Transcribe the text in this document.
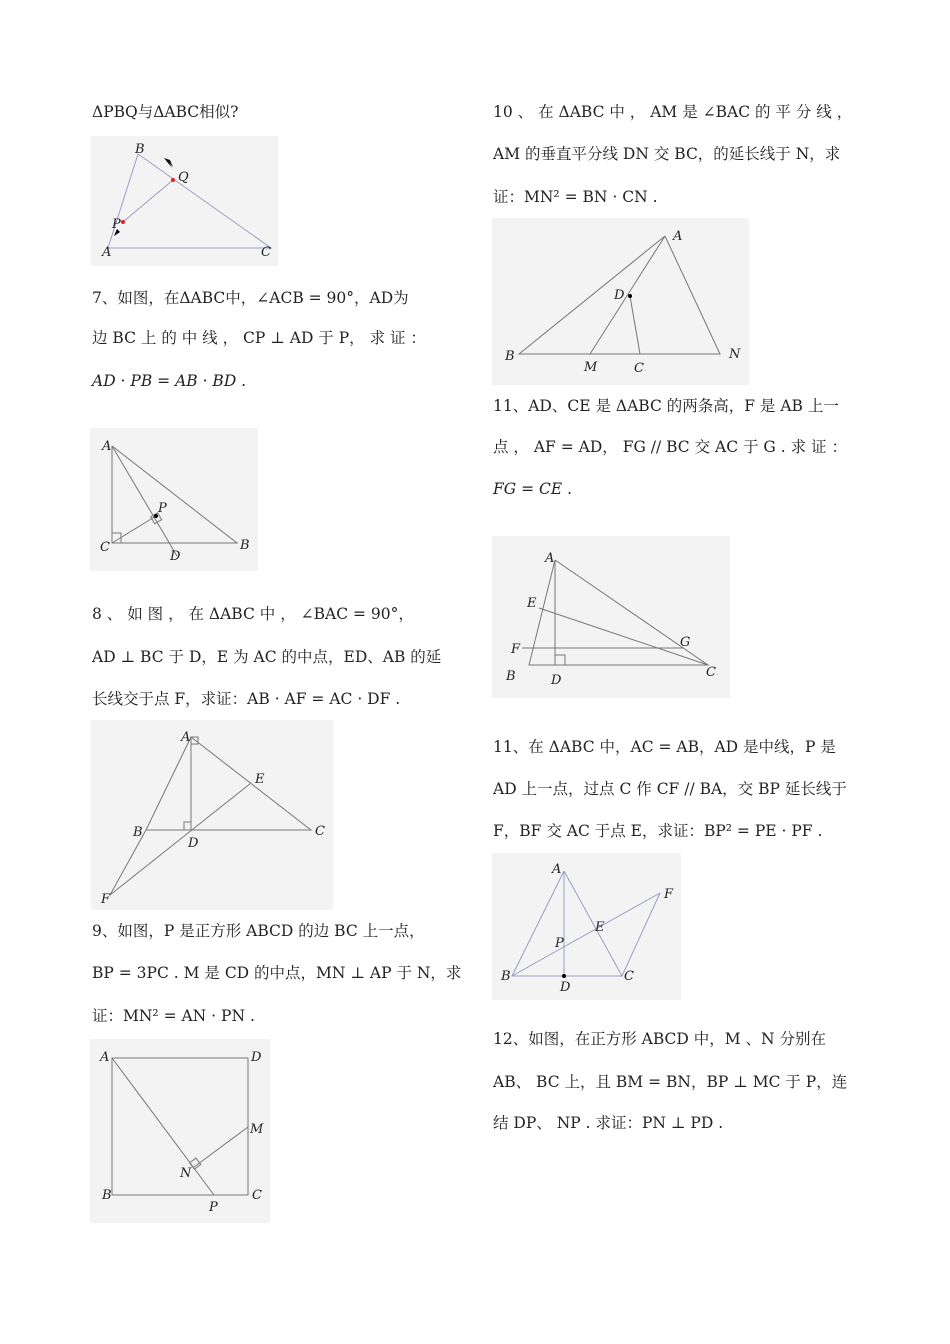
ΔPBQ与ΔABC相似?
B
Q
P
A	C
7、如图，在ΔABC中，∠ACB = 90°，AD为
边 BC 上 的 中 线 ， CP ⊥ AD 于 P， 求 证 ：
AD · PB = AB · BD .
A
P
C
D
B
8 、 如 图 ， 在 ΔABC 中 ， ∠BAC = 90°，
AD ⊥ BC 于 D，E 为 AC 的中点，ED、AB 的延
长线交于点 F，求证：AB · AF = AC · DF .
A
E
B
D
C
F
9、如图，P 是正方形 ABCD 的边 BC 上一点，
BP = 3PC . M 是 CD 的中点，MN ⊥ AP 于 N，求
证：MN² = AN · PN .
A	D
M
N
B	C
P
10 、 在 ΔABC 中 ， AM 是 ∠BAC 的 平 分 线 ，
AM 的垂直平分线 DN 交 BC，的延长线于 N，求
证：MN² = BN · CN .
A
D
B
M	C
N
11、AD、CE 是 ΔABC 的两条高，F 是 AB 上一
点 ， AF = AD， FG // BC 交 AC 于 G . 求 证 ：
FG = CE .
A
E
F	G
B	D
C
11、在 ΔABC 中，AC = AB，AD 是中线，P 是
AD 上一点，过点 C 作 CF // BA，交 BP 延长线于
F，BF 交 AC 于点 E，求证：BP² = PE · PF .
A
F
E
P
B
D
C
12、如图，在正方形 ABCD 中，M 、N 分别在
AB、 BC 上，且 BM = BN，BP ⊥ MC 于 P，连
结 DP、 NP . 求证：PN ⊥ PD .
